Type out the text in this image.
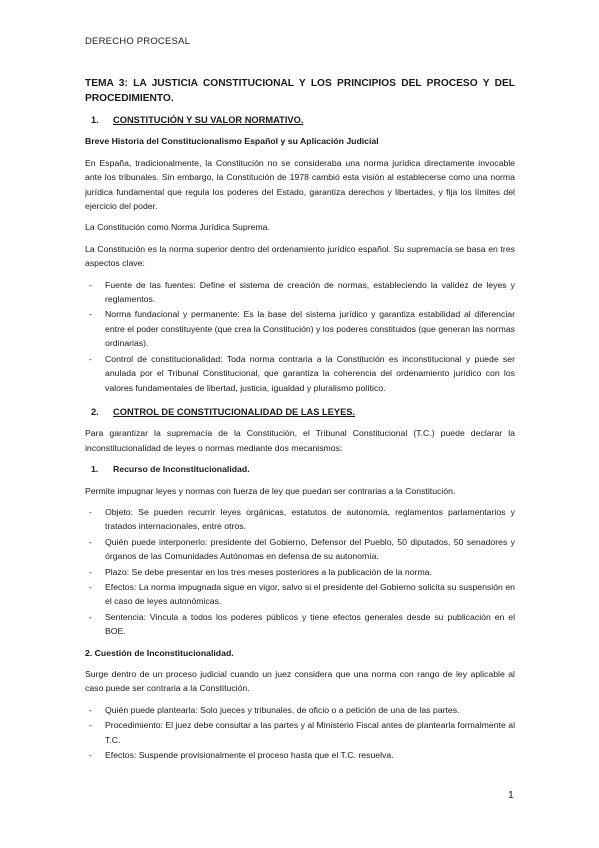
DERECHO PROCESAL
TEMA 3: LA JUSTICIA CONSTITUCIONAL Y LOS PRINCIPIOS DEL PROCESO Y DEL PROCEDIMIENTO.
1.	CONSTITUCIÓN Y SU VALOR NORMATIVO.
Breve Historia del Constitucionalismo Español y su Aplicación Judicial
En España, tradicionalmente, la Constitución no se consideraba una norma jurídica directamente invocable ante los tribunales. Sin embargo, la Constitución de 1978 cambió esta visión al establecerse como una norma jurídica fundamental que regula los poderes del Estado, garantiza derechos y libertades, y fija los límites del ejercicio del poder.
La Constitución como Norma Jurídica Suprema.
La Constitución es la norma superior dentro del ordenamiento jurídico español. Su supremacía se basa en tres aspectos clave:
- Fuente de las fuentes: Define el sistema de creación de normas, estableciendo la validez de leyes y reglamentos.
- Norma fundacional y permanente: Es la base del sistema jurídico y garantiza estabilidad al diferenciar entre el poder constituyente (que crea la Constitución) y los poderes constituidos (que generan las normas ordinarias).
- Control de constitucionalidad: Toda norma contraria a la Constitución es inconstitucional y puede ser anulada por el Tribunal Constitucional, que garantiza la coherencia del ordenamiento jurídico con los valores fundamentales de libertad, justicia, igualdad y pluralismo político.
2.	CONTROL DE CONSTITUCIONALIDAD DE LAS LEYES.
Para garantizar la supremacía de la Constitución, el Tribunal Constitucional (T.C.) puede declarar la inconstitucionalidad de leyes o normas mediante dos mecanismos:
1.	Recurso de Inconstitucionalidad.
Permite impugnar leyes y normas con fuerza de ley que puedan ser contrarias a la Constitución.
- Objeto: Se pueden recurrir leyes orgánicas, estatutos de autonomía, reglamentos parlamentarios y tratados internacionales, entre otros.
- Quién puede interponerlo: presidente del Gobierno, Defensor del Pueblo, 50 diputados, 50 senadores y órganos de las Comunidades Autónomas en defensa de su autonomía.
- Plazo: Se debe presentar en los tres meses posteriores a la publicación de la norma.
- Efectos: La norma impugnada sigue en vigor, salvo si el presidente del Gobierno solicita su suspensión en el caso de leyes autonómicas.
- Sentencia: Vincula a todos los poderes públicos y tiene efectos generales desde su publicación en el BOE.
2. Cuestión de Inconstitucionalidad.
Surge dentro de un proceso judicial cuando un juez considera que una norma con rango de ley aplicable al caso puede ser contraria a la Constitución.
- Quién puede plantearla: Solo jueces y tribunales, de oficio o a petición de una de las partes.
- Procedimiento: El juez debe consultar a las partes y al Ministerio Fiscal antes de plantearla formalmente al T.C.
- Efectos: Suspende provisionalmente el proceso hasta que el T.C. resuelva.
1
